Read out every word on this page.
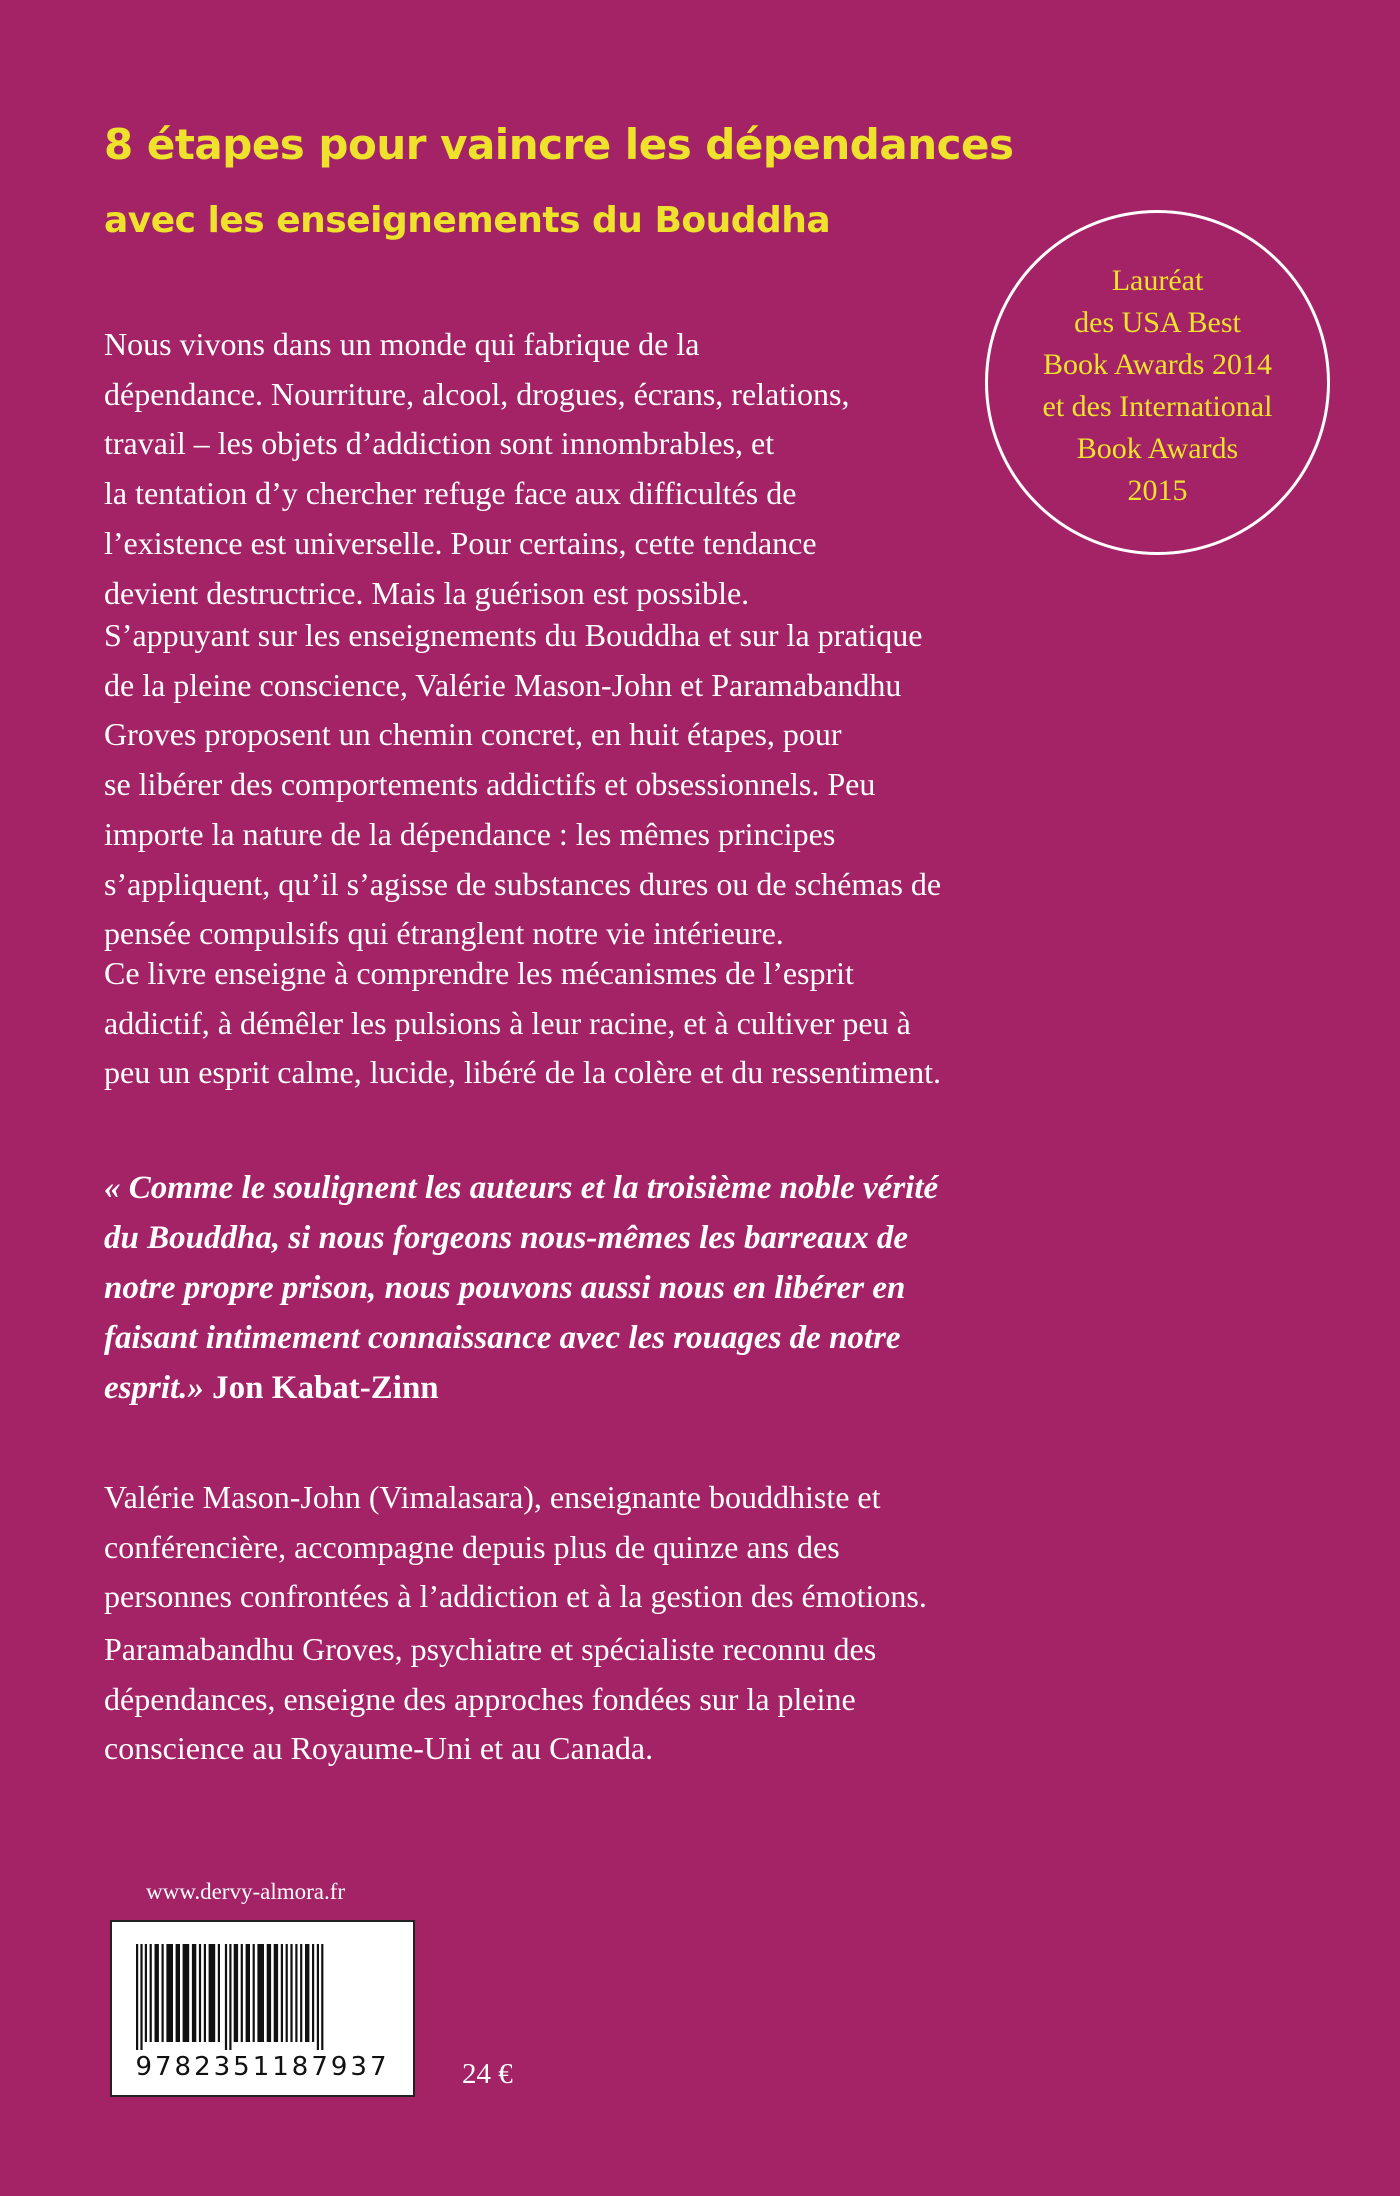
8 étapes pour vaincre les dépendances
avec les enseignements du Bouddha
Lauréat
des USA Best
Book Awards 2014
et des International
Book Awards
2015
Nous vivons dans un monde qui fabrique de la
dépendance. Nourriture, alcool, drogues, écrans, relations,
travail – les objets d’addiction sont innombrables, et
la tentation d’y chercher refuge face aux difficultés de
l’existence est universelle. Pour certains, cette tendance
devient destructrice. Mais la guérison est possible.
S’appuyant sur les enseignements du Bouddha et sur la pratique
de la pleine conscience, Valérie Mason-John et Paramabandhu
Groves proposent un chemin concret, en huit étapes, pour
se libérer des comportements addictifs et obsessionnels. Peu
importe la nature de la dépendance : les mêmes principes
s’appliquent, qu’il s’agisse de substances dures ou de schémas de
pensée compulsifs qui étranglent notre vie intérieure.
Ce livre enseigne à comprendre les mécanismes de l’esprit
addictif, à démêler les pulsions à leur racine, et à cultiver peu à
peu un esprit calme, lucide, libéré de la colère et du ressentiment.
« Comme le soulignent les auteurs et la troisième noble vérité
du Bouddha, si nous forgeons nous-mêmes les barreaux de
notre propre prison, nous pouvons aussi nous en libérer en
faisant intimement connaissance avec les rouages de notre
esprit.» Jon Kabat-Zinn
Valérie Mason-John (Vimalasara), enseignante bouddhiste et
conférencière, accompagne depuis plus de quinze ans des
personnes confrontées à l’addiction et à la gestion des émotions.
Paramabandhu Groves, psychiatre et spécialiste reconnu des
dépendances, enseigne des approches fondées sur la pleine
conscience au Royaume-Uni et au Canada.
www.dervy-almora.fr
9782351187937	24 €
